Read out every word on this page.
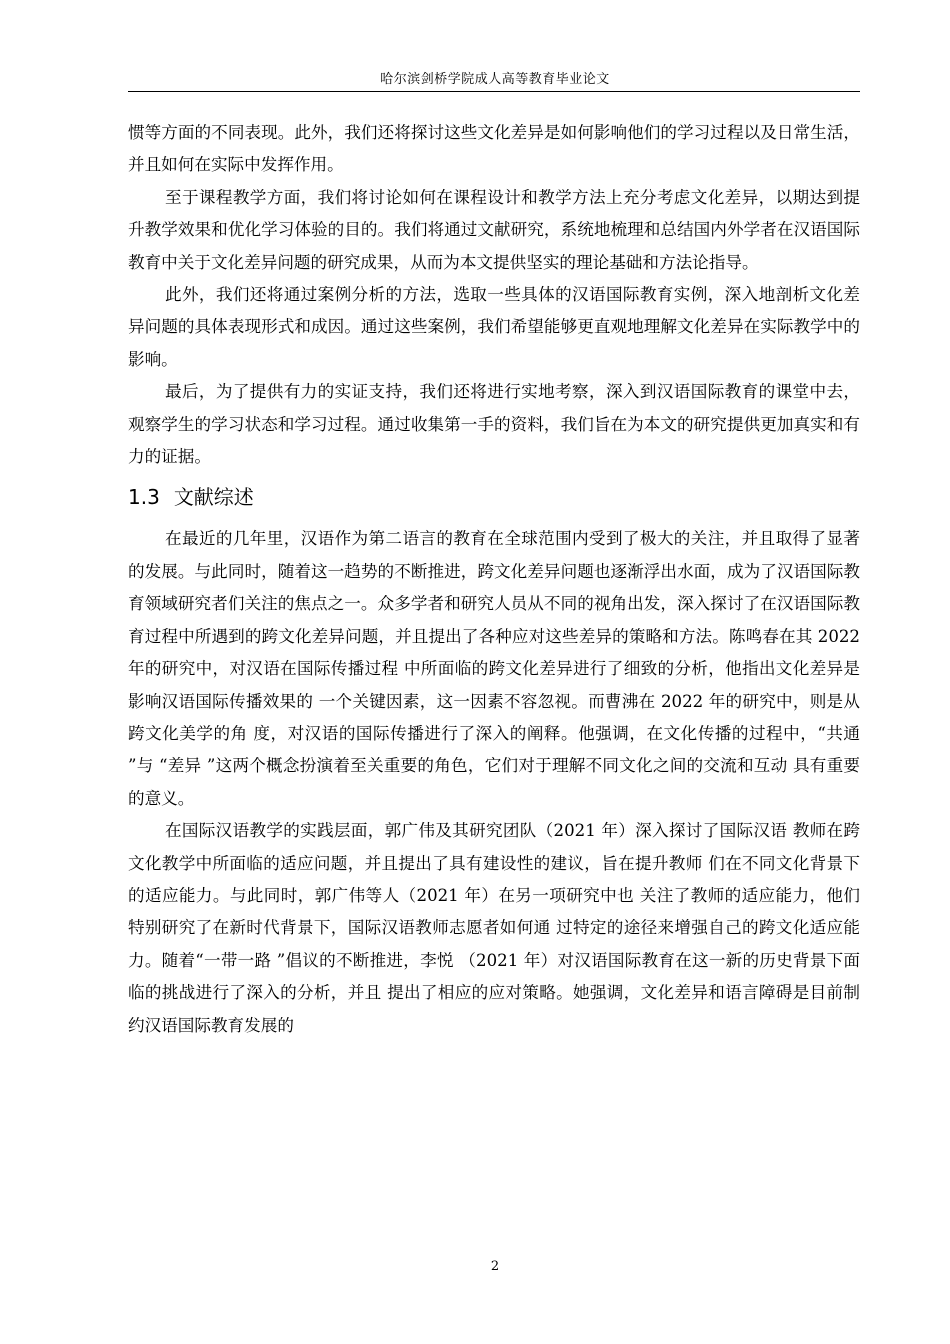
哈尔滨剑桥学院成人高等教育毕业论文

惯等方面的不同表现。此外，我们还将探讨这些文化差异是如何影响他们的学习过程以及日常生活，并且如何在实际中发挥作用。

至于课程教学方面，我们将讨论如何在课程设计和教学方法上充分考虑文化差异，以期达到提升教学效果和优化学习体验的目的。我们将通过文献研究，系统地梳理和总结国内外学者在汉语国际教育中关于文化差异问题的研究成果，从而为本文提供坚实的理论基础和方法论指导。

此外，我们还将通过案例分析的方法，选取一些具体的汉语国际教育实例，深入地剖析文化差异问题的具体表现形式和成因。通过这些案例，我们希望能够更直观地理解文化差异在实际教学中的影响。

最后，为了提供有力的实证支持，我们还将进行实地考察，深入到汉语国际教育的课堂中去，观察学生的学习状态和学习过程。通过收集第一手的资料，我们旨在为本文的研究提供更加真实和有力的证据。

1.3 文献综述

在最近的几年里，汉语作为第二语言的教育在全球范围内受到了极大的关注，并且取得了显著的发展。与此同时，随着这一趋势的不断推进，跨文化差异问题也逐渐浮出水面，成为了汉语国际教育领域研究者们关注的焦点之一。众多学者和研究人员从不同的视角出发，深入探讨了在汉语国际教育过程中所遇到的跨文化差异问题，并且提出了各种应对这些差异的策略和方法。陈鸣春在其 2022 年的研究中，对汉语在国际传播过程 中所面临的跨文化差异进行了细致的分析，他指出文化差异是影响汉语国际传播效果的 一个关键因素，这一因素不容忽视。而曹沸在 2022 年的研究中，则是从跨文化美学的角 度，对汉语的国际传播进行了深入的阐释。他强调，在文化传播的过程中，“共通 ”与 “差异 ”这两个概念扮演着至关重要的角色，它们对于理解不同文化之间的交流和互动 具有重要的意义。

在国际汉语教学的实践层面，郭广伟及其研究团队（2021 年）深入探讨了国际汉语 教师在跨文化教学中所面临的适应问题，并且提出了具有建设性的建议，旨在提升教师 们在不同文化背景下的适应能力。与此同时，郭广伟等人（2021 年）在另一项研究中也 关注了教师的适应能力，他们特别研究了在新时代背景下，国际汉语教师志愿者如何通 过特定的途径来增强自己的跨文化适应能力。随着“一带一路 ”倡议的不断推进，李悦 （2021 年）对汉语国际教育在这一新的历史背景下面临的挑战进行了深入的分析，并且 提出了相应的应对策略。她强调，文化差异和语言障碍是目前制约汉语国际教育发展的

2
